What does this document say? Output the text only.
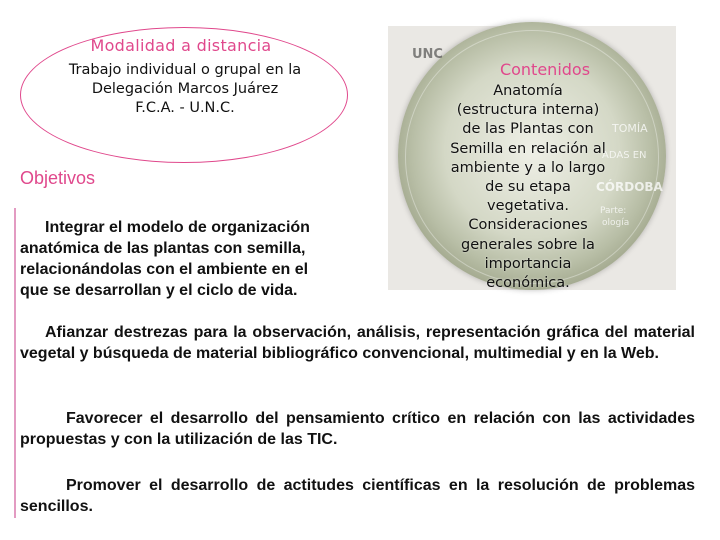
Modalidad a distancia
Trabajo individual o grupal en la
Delegación Marcos Juárez
F.C.A. - U.N.C.
Objetivos
Integrar el modelo de organización
anatómica de las plantas con semilla,
relacionándolas con el ambiente en el
que se desarrollan y el ciclo de vida.
Afianzar destrezas para la observación, análisis, representación gráfica del material vegetal y búsqueda de material bibliográfico convencional, multimedial y en la Web.
Favorecer el desarrollo del pensamiento crítico en relación con las actividades propuestas y con la utilización de las TIC.
Promover el desarrollo de actitudes científicas en la resolución de problemas sencillos.
UNC
TOMÍA
ADAS EN
CÓRDOBA
Parte:
ología
Contenidos
Anatomía
(estructura interna)
de las Plantas con
Semilla en relación al
ambiente y a lo largo
de su etapa
vegetativa.
Consideraciones
generales sobre la
importancia
económica.
